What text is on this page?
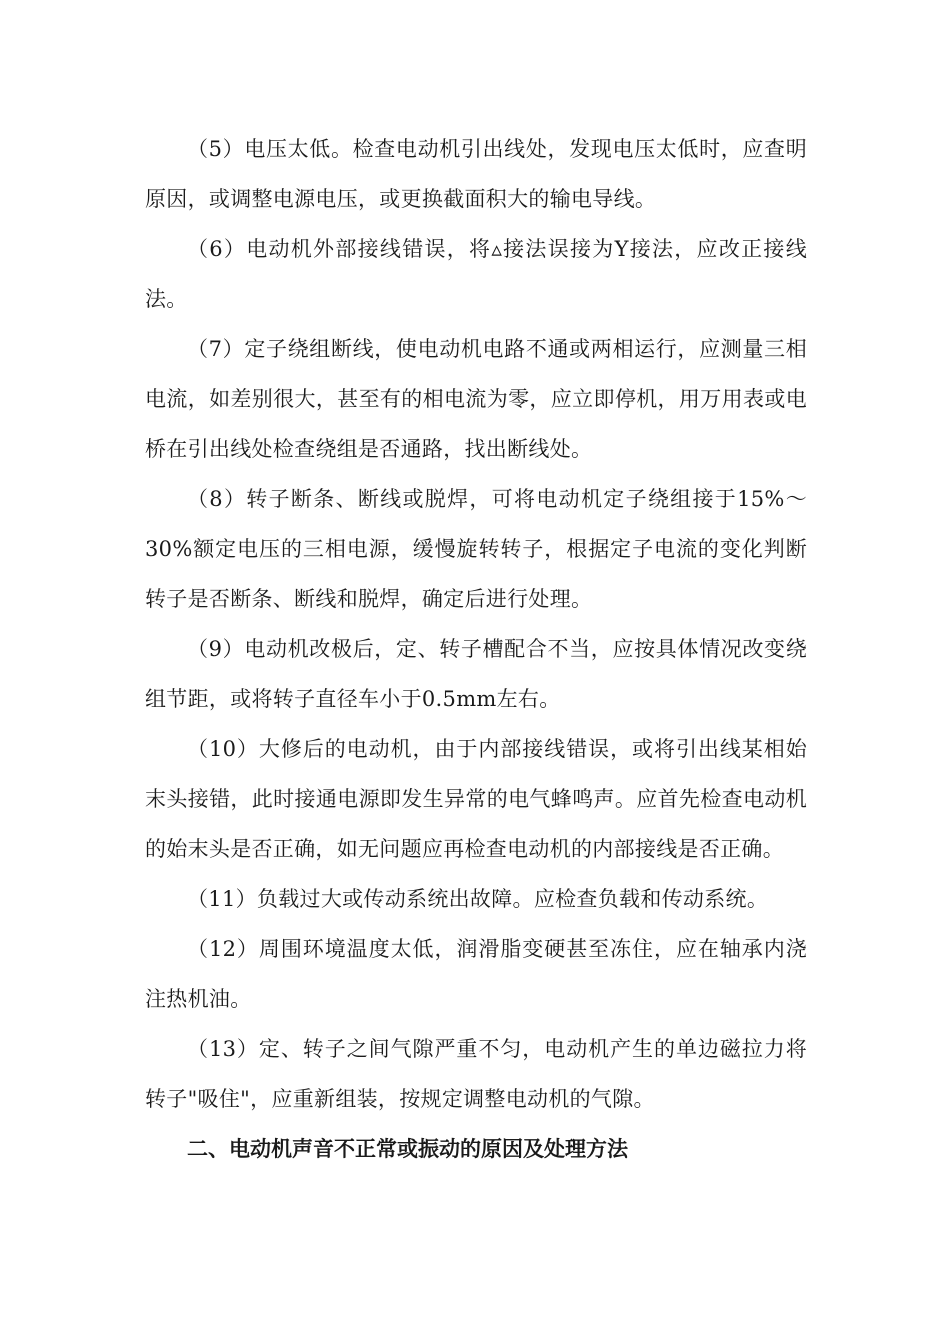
（5）电压太低。检查电动机引出线处，发现电压太低时，应查明原因，或调整电源电压，或更换截面积大的输电导线。

（6）电动机外部接线错误，将▵接法误接为Y接法，应改正接线法。

（7）定子绕组断线，使电动机电路不通或两相运行，应测量三相电流，如差别很大，甚至有的相电流为零，应立即停机，用万用表或电桥在引出线处检查绕组是否通路，找出断线处。

（8）转子断条、断线或脱焊，可将电动机定子绕组接于15%～30%额定电压的三相电源，缓慢旋转转子，根据定子电流的变化判断转子是否断条、断线和脱焊，确定后进行处理。

（9）电动机改极后，定、转子槽配合不当，应按具体情况改变绕组节距，或将转子直径车小于0.5mm左右。

（10）大修后的电动机，由于内部接线错误，或将引出线某相始末头接错，此时接通电源即发生异常的电气蜂鸣声。应首先检查电动机的始末头是否正确，如无问题应再检查电动机的内部接线是否正确。

（11）负载过大或传动系统出故障。应检查负载和传动系统。

（12）周围环境温度太低，润滑脂变硬甚至冻住，应在轴承内浇注热机油。

（13）定、转子之间气隙严重不匀，电动机产生的单边磁拉力将转子"吸住"，应重新组装，按规定调整电动机的气隙。

二、电动机声音不正常或振动的原因及处理方法
